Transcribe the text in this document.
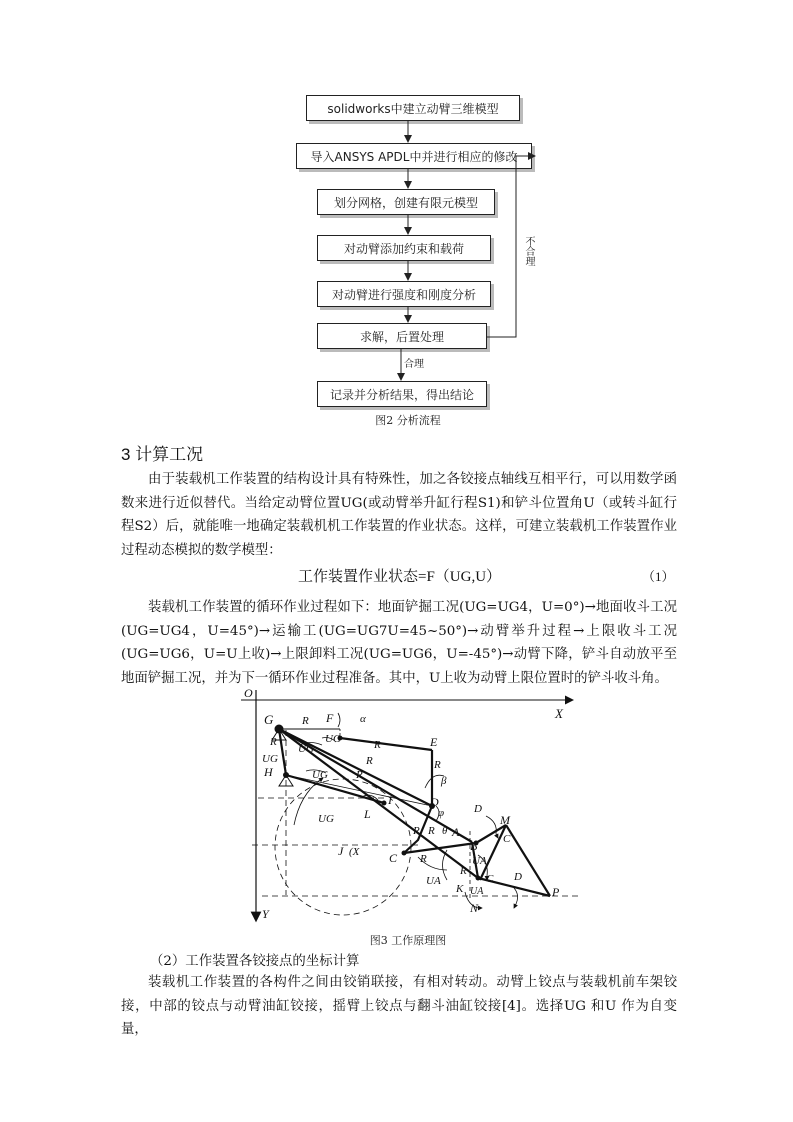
solidworks中建立动臂三维模型
导入ANSYS APDL中并进行相应的修改
划分网格，创建有限元模型
对动臂添加约束和载荷
对动臂进行强度和刚度分析
求解，后置处理
记录并分析结果，得出结论
不合理
合理
图2 分析流程
3 计算工况

由于装载机工作装置的结构设计具有特殊性，加之各铰接点轴线互相平行，可以用数学函数来进行近似替代。当给定动臂位置UG(或动臂举升缸行程S1)和铲斗位置角U（或转斗缸行程S2）后，就能唯一地确定装载机机工作装置的作业状态。这样，可建立装载机工作装置作业过程动态模拟的数学模型：

工作装置作业状态=F（UG,U）	（1）

装载机工作装置的循环作业过程如下：地面铲掘工况(UG=UG4，U=0°)→地面收斗工况(UG=UG4，U=45°)→运输工(UG=UG7U=45~50°)→动臂举升过程→上限收斗工况(UG=UG6，U=U上收)→上限卸料工况(UG=UG6，U=-45°)→动臂下降，铲斗自动放平至地面铲掘工况，并为下一循环作业过程准备。其中，U上收为动臂上限位置时的铲斗收斗角。

O
X
Y
G	R F α
R	UG
UG
UG
R	E
R
H	UG	R
R
β
I	D
φ	D
UG	L	M
R R θ A	C
B
J (X C R	UA
R
C D
UA
K UA	P
N
图3 工作原理图
（2）工作装置各铰接点的坐标计算

装载机工作装置的各构件之间由铰销联接，有相对转动。动臂上铰点与装载机前车架铰接，中部的铰点与动臂油缸铰接，摇臂上铰点与翻斗油缸铰接[4]。选择UG 和U 作为自变量，
